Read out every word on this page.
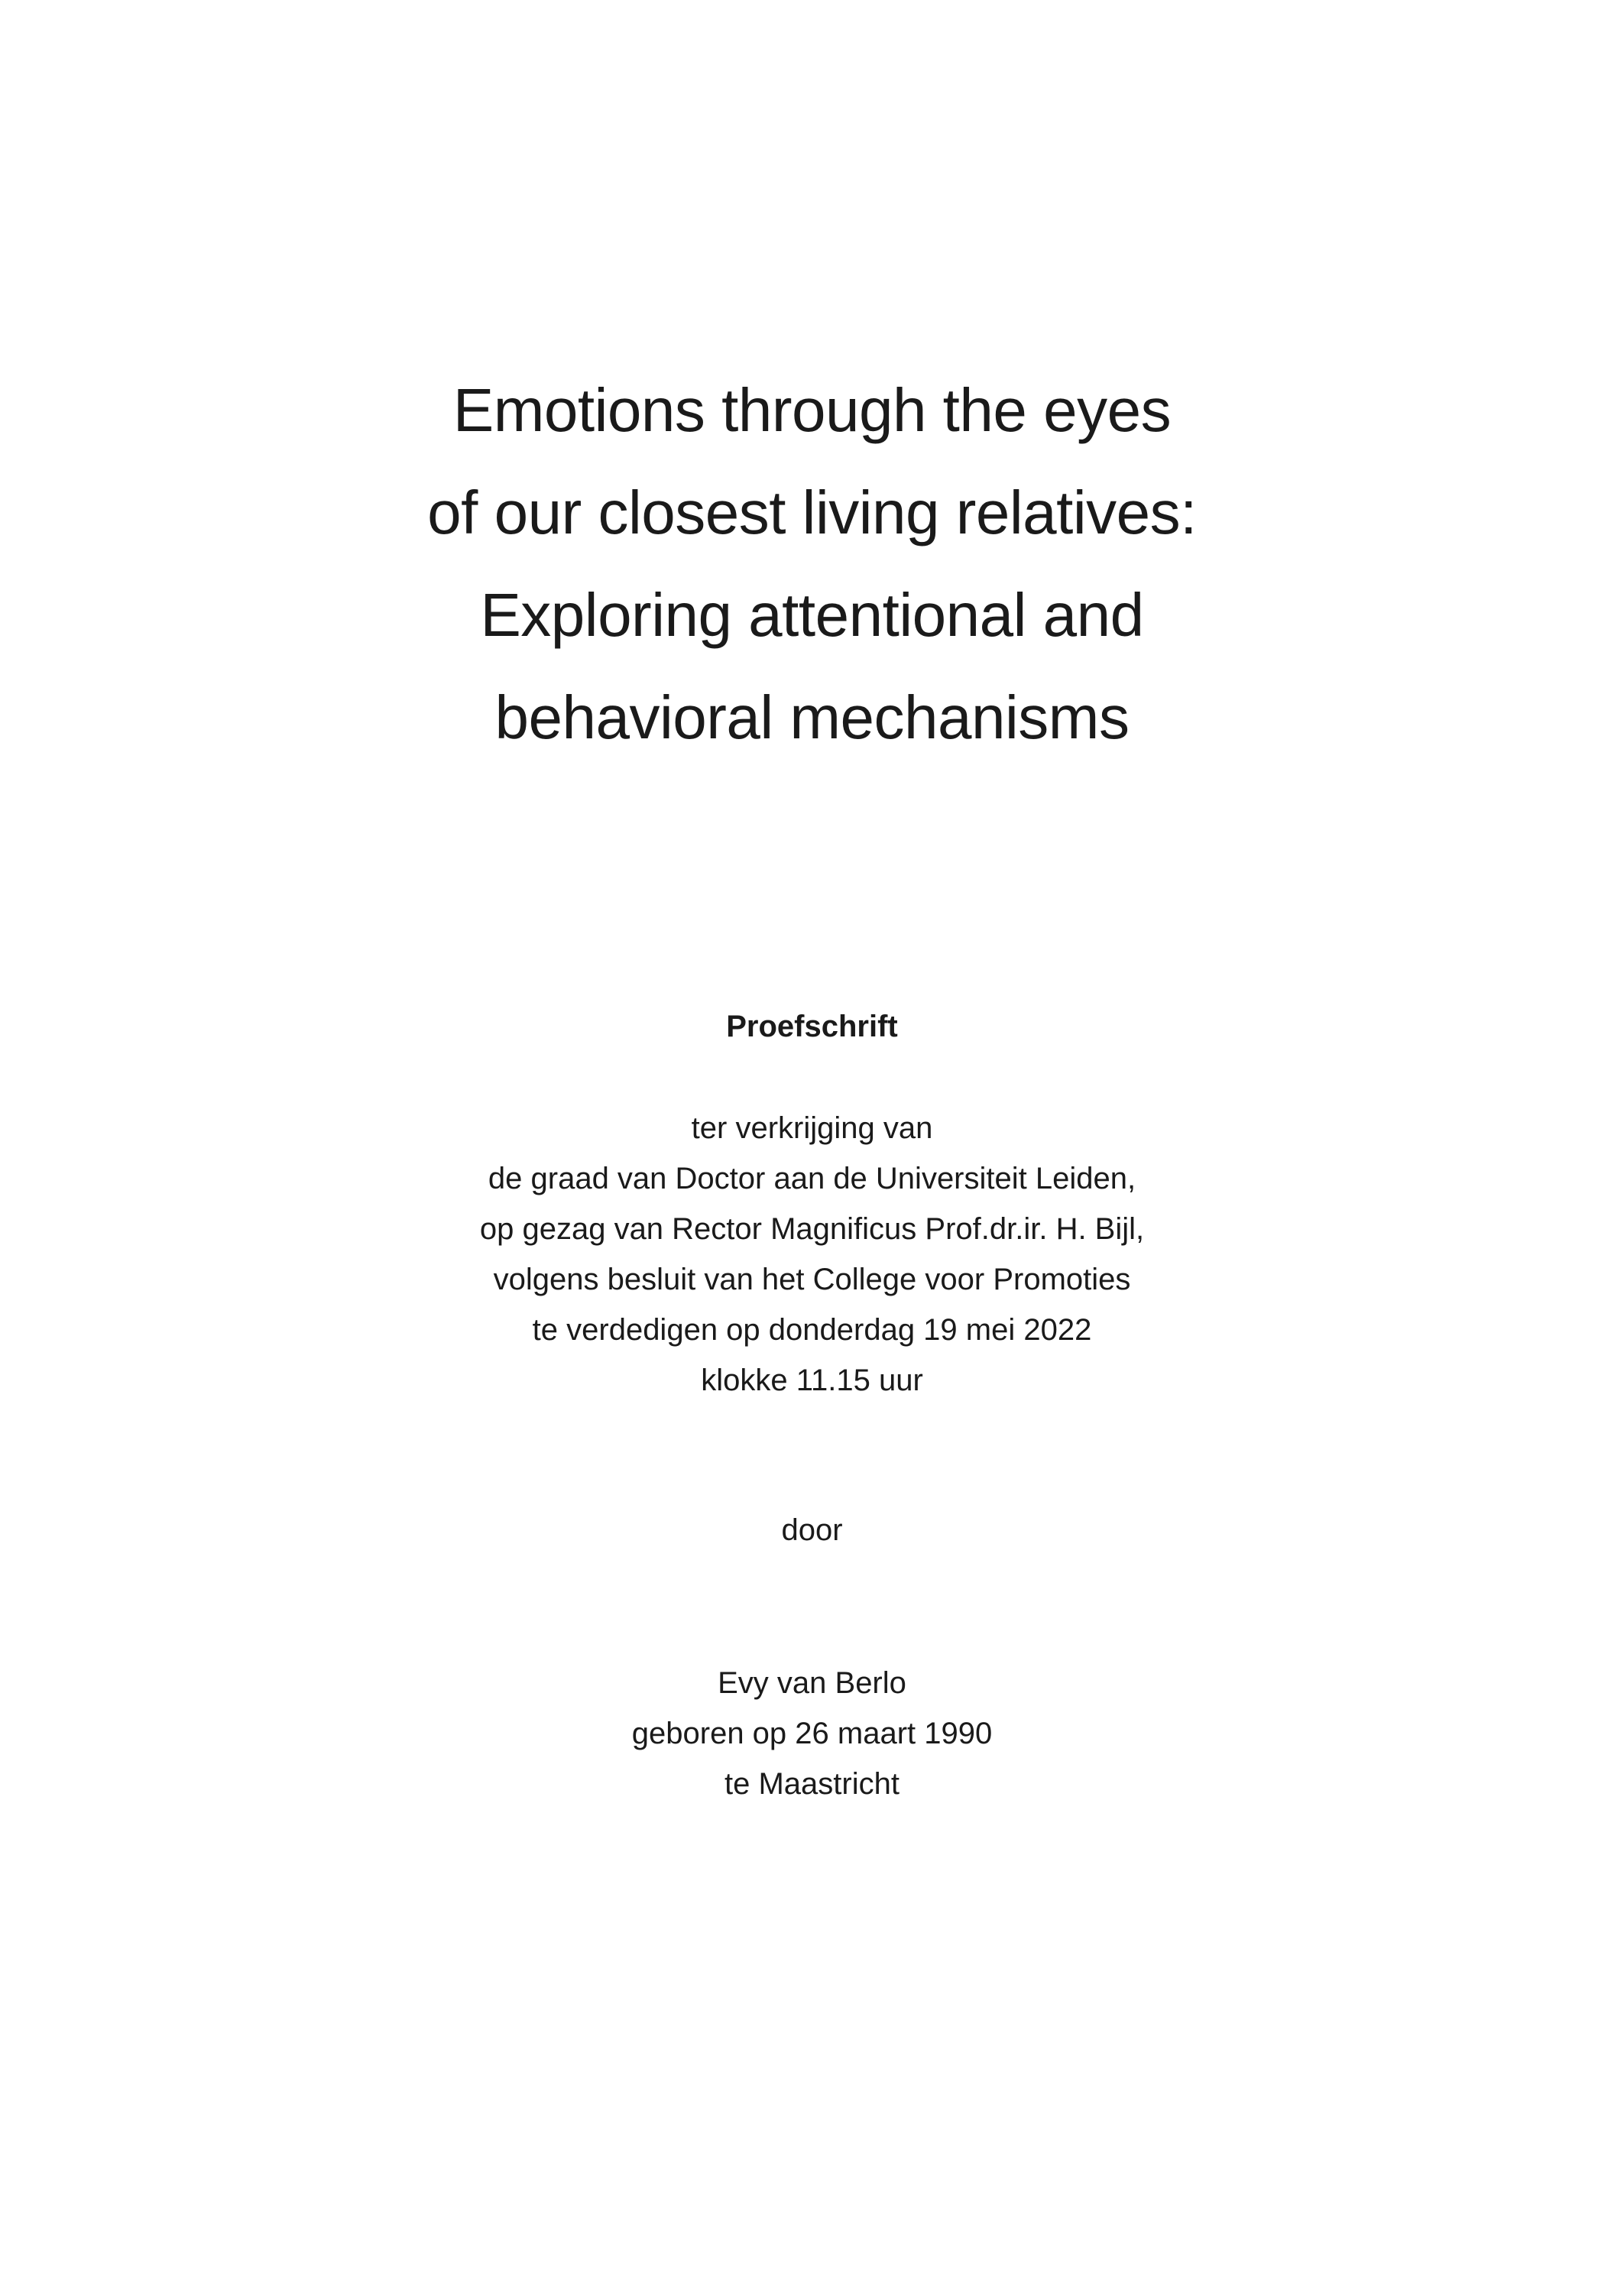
Emotions through the eyes
of our closest living relatives:
Exploring attentional and
behavioral mechanisms
Proefschrift
ter verkrijging van
de graad van Doctor aan de Universiteit Leiden,
op gezag van Rector Magnificus Prof.dr.ir. H. Bijl,
volgens besluit van het College voor Promoties
te verdedigen op donderdag 19 mei 2022
klokke 11.15 uur
door
Evy van Berlo
geboren op 26 maart 1990
te Maastricht
